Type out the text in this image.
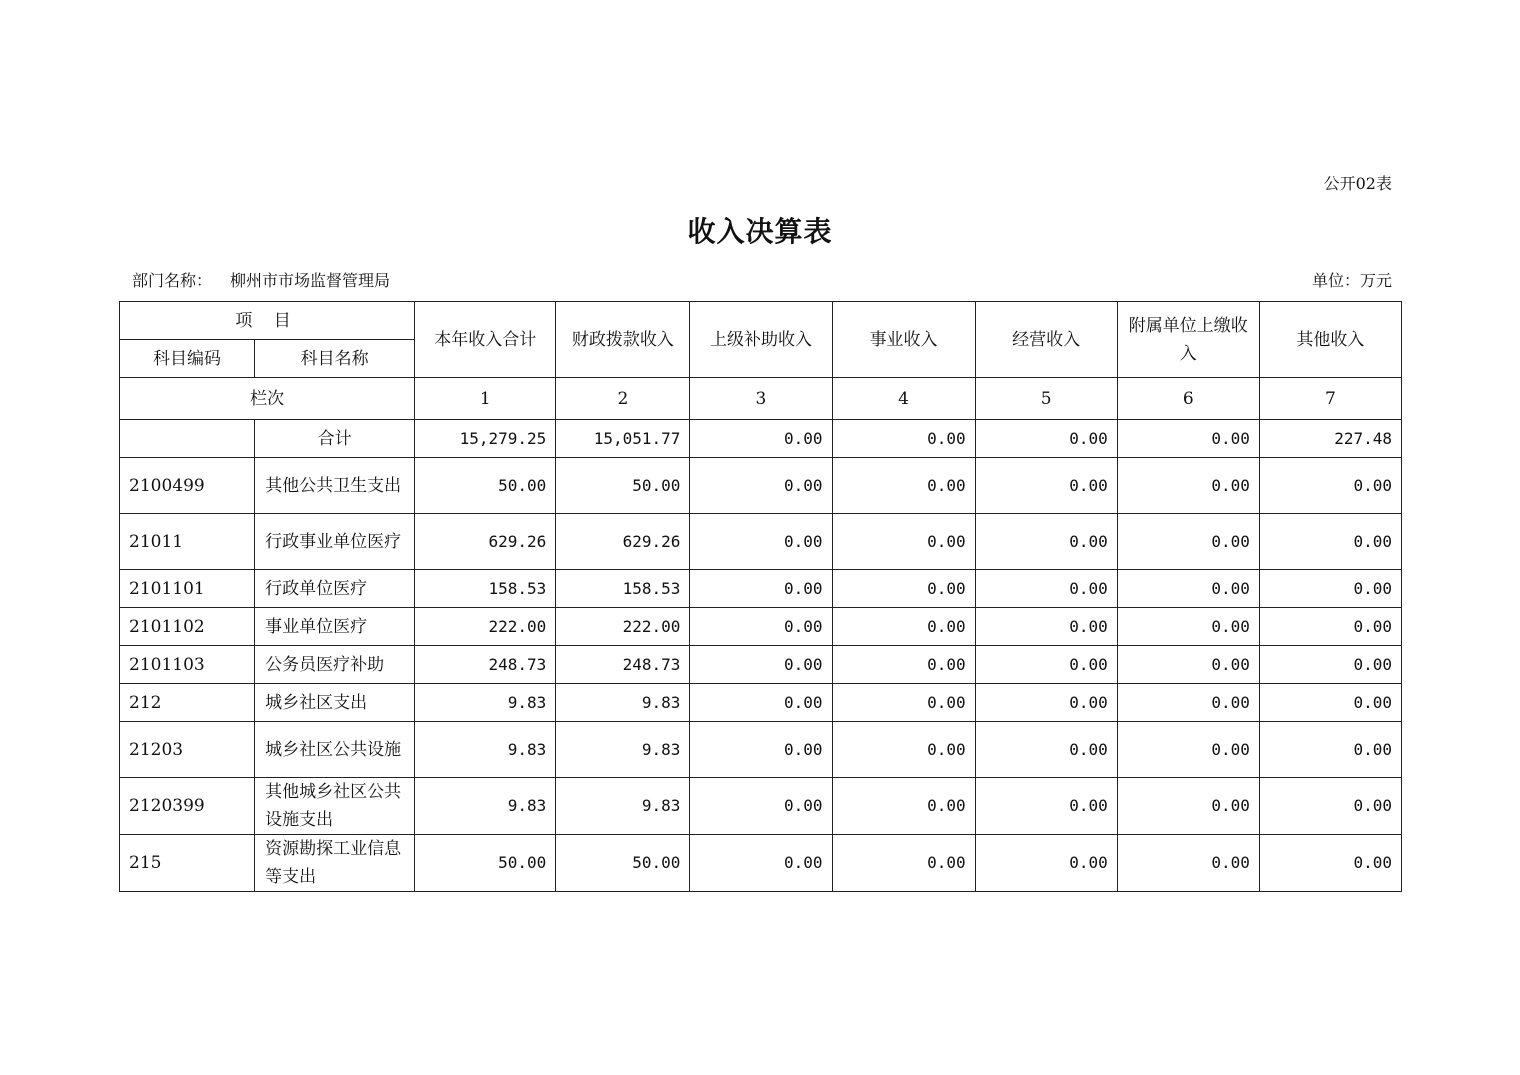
公开02表
收入决算表
部门名称： 柳州市市场监督管理局	单位：万元
项 目		本年收入合计	财政拨款收入	上级补助收入	事业收入	经营收入	附属单位上缴收入	其他收入
科目编码	科目名称							
栏次		1	2	3	4	5	6	7
	合计	15,279.25	15,051.77	0.00	0.00	0.00	0.00	227.48
2100499	其他公共卫生支出	50.00	50.00	0.00	0.00	0.00	0.00	0.00
21011	行政事业单位医疗	629.26	629.26	0.00	0.00	0.00	0.00	0.00
2101101	行政单位医疗	158.53	158.53	0.00	0.00	0.00	0.00	0.00
2101102	事业单位医疗	222.00	222.00	0.00	0.00	0.00	0.00	0.00
2101103	公务员医疗补助	248.73	248.73	0.00	0.00	0.00	0.00	0.00
212	城乡社区支出	9.83	9.83	0.00	0.00	0.00	0.00	0.00
21203	城乡社区公共设施	9.83	9.83	0.00	0.00	0.00	0.00	0.00
2120399	其他城乡社区公共设施支出	9.83	9.83	0.00	0.00	0.00	0.00	0.00
215	资源勘探工业信息等支出	50.00	50.00	0.00	0.00	0.00	0.00	0.00
